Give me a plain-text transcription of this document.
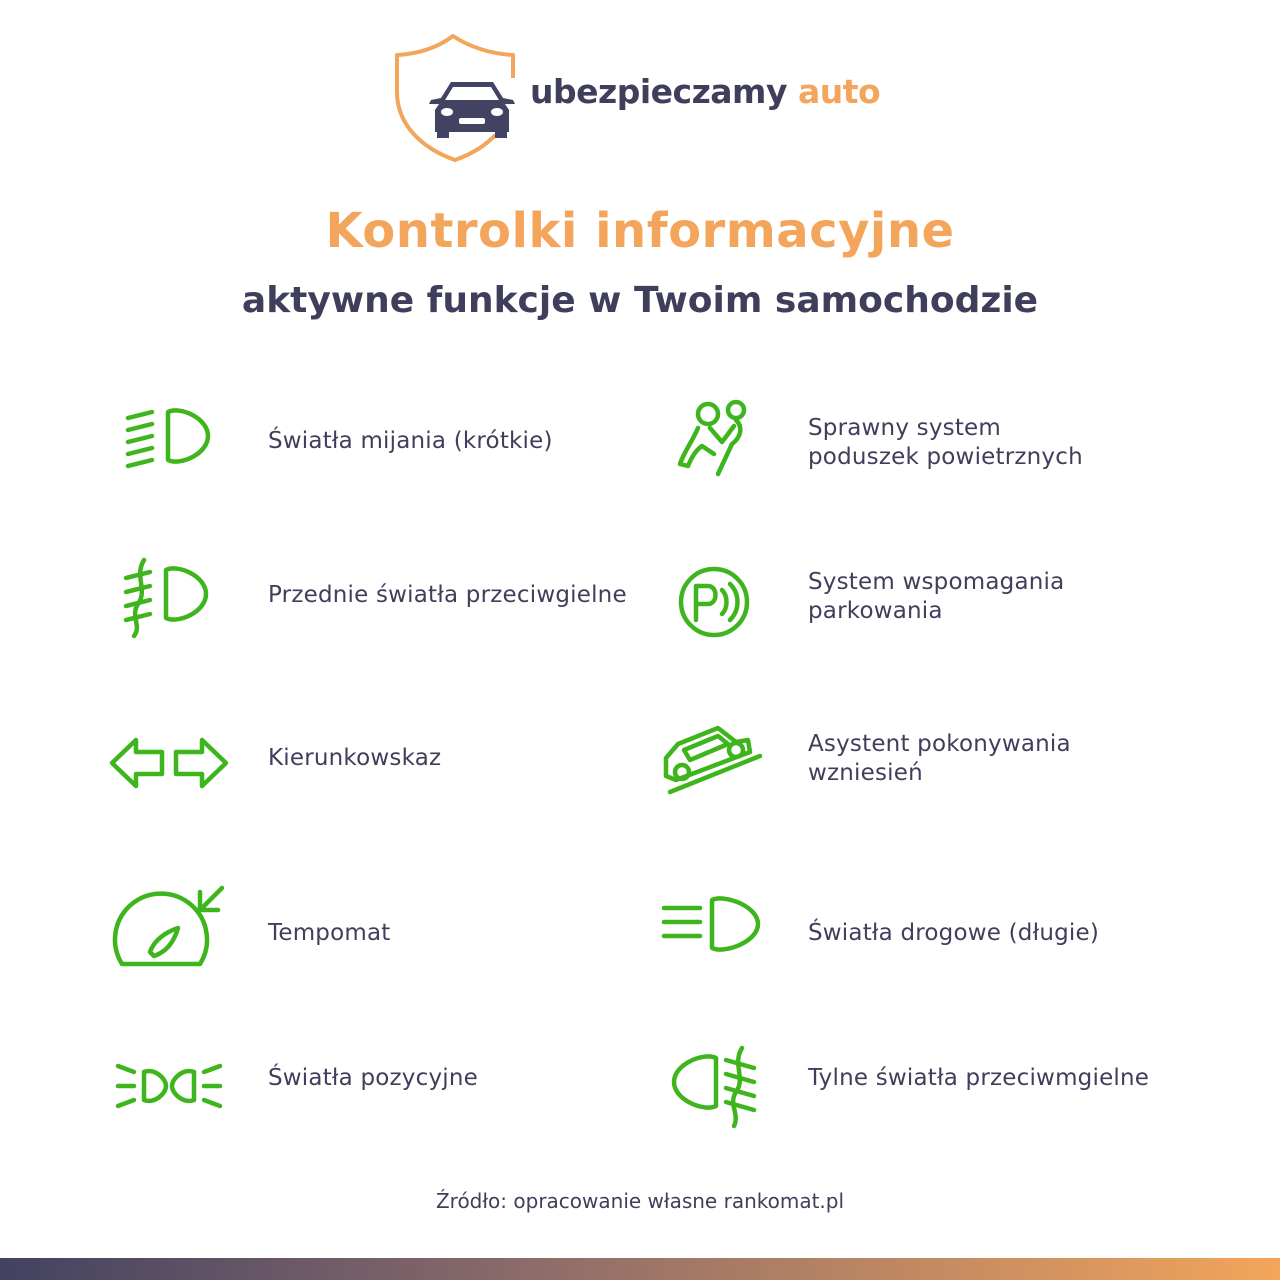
ubezpieczamy auto
Kontrolki informacyjne
aktywne funkcje w Twoim samochodzie
Światła mijania (krótkie)
Przednie światła przeciwgielne
Kierunkowskaz
Tempomat
Światła pozycyjne
Sprawny system
poduszek powietrznych
System wspomagania
parkowania
Asystent pokonywania
wzniesień
Światła drogowe (długie)
Tylne światła przeciwmgielne
Źródło: opracowanie własne rankomat.pl
